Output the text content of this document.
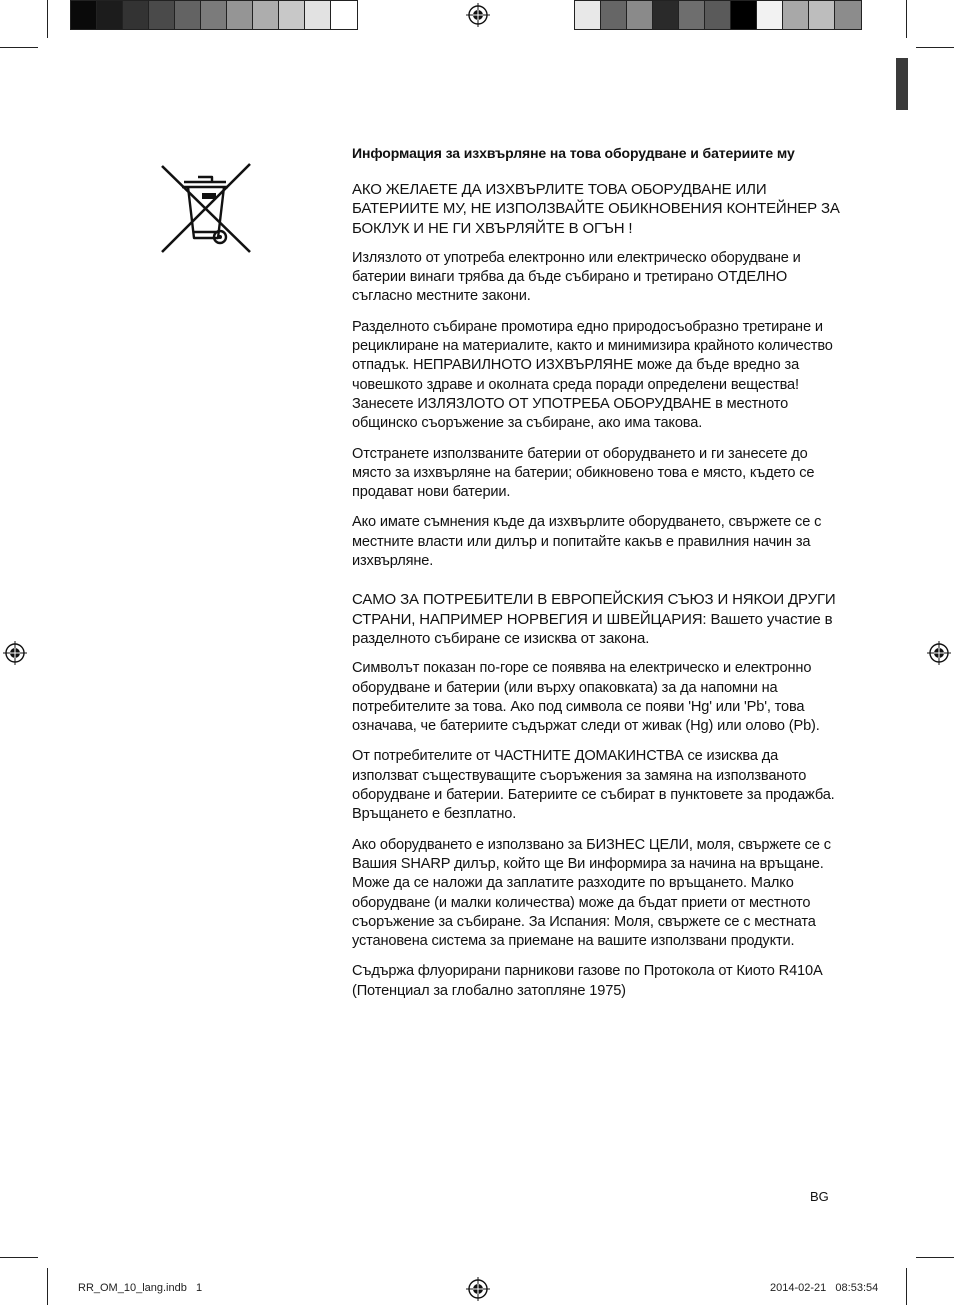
Информация за изхвърляне на това оборудване и батериите му

АКО ЖЕЛАЕТЕ ДА ИЗХВЪРЛИТЕ ТОВА ОБОРУДВАНЕ ИЛИ БАТЕРИИТЕ МУ, НЕ ИЗПОЛЗВАЙТЕ ОБИКНОВЕНИЯ КОНТЕЙНЕР ЗА БОКЛУК И НЕ ГИ ХВЪРЛЯЙТЕ В ОГЪН !

Излязлото от употреба електронно или електрическо оборудване и батерии винаги трябва да бъде събирано и третирано ОТДЕЛНО съгласно местните закони.

Разделното събиране промотира едно природосъобразно третиране и рециклиране на материалите, както и минимизира крайното количество отпадък. НЕПРАВИЛНОТО ИЗХВЪРЛЯНЕ може да бъде вредно за човешкото здраве и околната среда поради определени вещества! Занесете ИЗЛЯЗЛОТО ОТ УПОТРЕБА ОБОРУДВАНЕ в местното общинско съоръжение за събиране, ако има такова.

Отстранете използваните батерии от оборудването и ги занесете до място за изхвърляне на батерии; обикновено това е място, където се продават нови батерии.

Ако имате съмнения къде да изхвърлите оборудването, свържете се с местните власти или дилър и попитайте какъв е правилния начин за изхвърляне.

САМО ЗА ПОТРЕБИТЕЛИ В ЕВРОПЕЙСКИЯ СЪЮЗ И НЯКОИ ДРУГИ СТРАНИ, НАПРИМЕР НОРВЕГИЯ И ШВЕЙЦАРИЯ: Вашето участие в разделното събиране се изисква от закона.

Символът показан по-горе се появява на електрическо и електронно оборудване и батерии (или върху опаковката) за да напомни на потребителите за това. Ако под символа се появи 'Hg' или 'Pb', това означава, че батериите съдържат следи от живак (Hg) или олово (Pb).

От потребителите от ЧАСТНИТЕ ДОМАКИНСТВА се изисква да използват съществуващите съоръжения за замяна на използваното оборудване и батерии. Батериите се събират в пунктовете за продажба. Връщането е безплатно.

Ако оборудването е използвано за БИЗНЕС ЦЕЛИ, моля, свържете се с Вашия SHARP дилър, който ще Ви информира за начина на връщане. Може да се наложи да заплатите разходите по връщането. Малко оборудване (и малки количества) може да бъдат приети от местното съоръжение за събиране. За Испания: Моля, свържете се с местната установена система за приемане на вашите използвани продукти.

Съдържа флуорирани парникови газове по Протокола от Киото R410A (Потенциал за глобално затопляне 1975)

BG
RR_OM_10_lang.indb   1	2014-02-21   08:53:54
